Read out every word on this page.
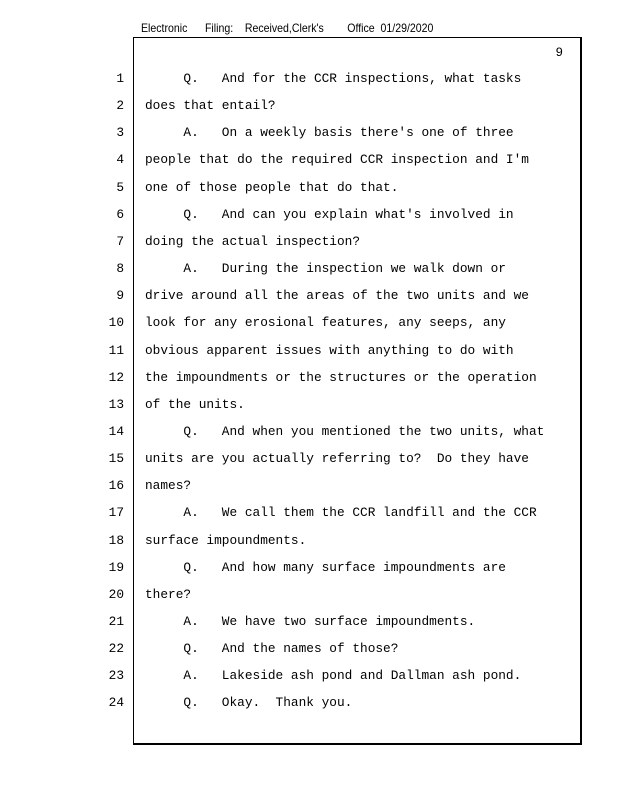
Electronic Filing: Received,Clerk's Office 01/29/2020
9
1 Q.   And for the CCR inspections, what tasks
2 does that entail?
3 A.   On a weekly basis there's one of three
4 people that do the required CCR inspection and I'm
5 one of those people that do that.
6 Q.   And can you explain what's involved in
7 doing the actual inspection?
8 A.   During the inspection we walk down or
9 drive around all the areas of the two units and we
10 look for any erosional features, any seeps, any
11 obvious apparent issues with anything to do with
12 the impoundments or the structures or the operation
13 of the units.
14 Q.   And when you mentioned the two units, what
15 units are you actually referring to?  Do they have
16 names?
17 A.   We call them the CCR landfill and the CCR
18 surface impoundments.
19 Q.   And how many surface impoundments are
20 there?
21 A.   We have two surface impoundments.
22 Q.   And the names of those?
23 A.   Lakeside ash pond and Dallman ash pond.
24 Q.   Okay.  Thank you.
